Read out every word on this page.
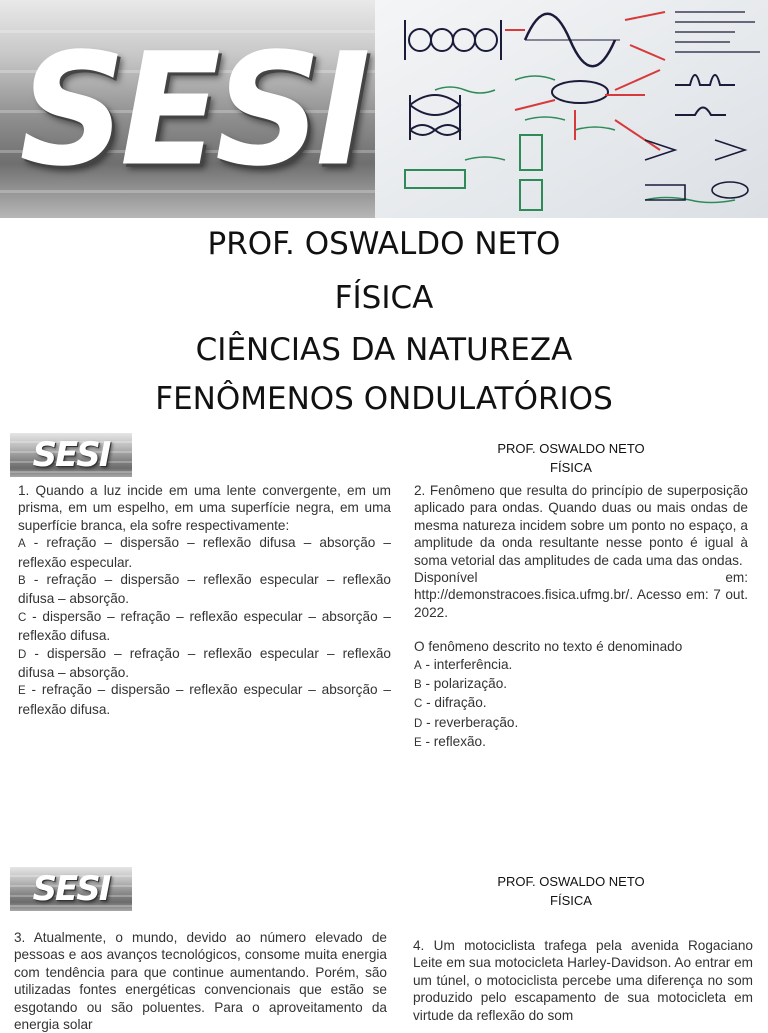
SESI
PROF. OSWALDO NETO
FÍSICA
CIÊNCIAS DA NATUREZA
FENÔMENOS ONDULATÓRIOS
SESI	PROF. OSWALDO NETO
FÍSICA

1. Quando a luz incide em uma lente convergente, em um prisma, em um espelho, em uma superfície negra, em uma superfície branca, ela sofre respectivamente:

A - refração – dispersão – reflexão difusa – absorção – reflexão especular.

B - refração – dispersão – reflexão especular – reflexão difusa – absorção.

C - dispersão – refração – reflexão especular – absorção – reflexão difusa.

D - dispersão – refração – reflexão especular – reflexão difusa – absorção.

E - refração – dispersão – reflexão especular – absorção – reflexão difusa.

2. Fenômeno que resulta do princípio de superposição aplicado para ondas. Quando duas ou mais ondas de mesma natureza incidem sobre um ponto no espaço, a amplitude da onda resultante nesse ponto é igual à soma vetorial das amplitudes de cada uma das ondas.

Disponível	em:

http://demonstracoes.fisica.ufmg.br/. Acesso em: 7 out. 2022.

O fenômeno descrito no texto é denominado

A - interferência.

B - polarização.

C - difração.

D - reverberação.

E - reflexão.

SESI	PROF. OSWALDO NETO
FÍSICA

3. Atualmente, o mundo, devido ao número elevado de pessoas e aos avanços tecnológicos, consome muita energia com tendência para que continue aumentando. Porém, são utilizadas fontes energéticas convencionais que estão se esgotando ou são poluentes. Para o aproveitamento da energia solar

4. Um motociclista trafega pela avenida Rogaciano Leite em sua motocicleta Harley-Davidson. Ao entrar em um túnel, o motociclista percebe uma diferença no som produzido pelo escapamento de sua motocicleta em virtude da reflexão do som
